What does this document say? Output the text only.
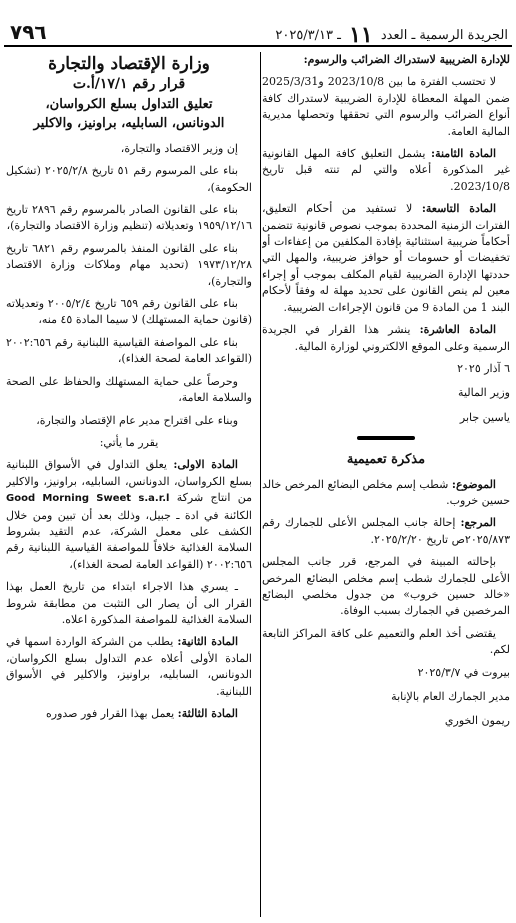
الجريدة الرسمية ـ العدد ١١ ـ ٢٠٢٥/٣/١٣
٧٩٦

للإدارة الضريبية لاستدراك الضرائب والرسوم:

لا تحتسب الفترة ما بين 2023/10/8 و2025/3/31 ضمن المهلة المعطاة للإدارة الضريبية لاستدراك كافة أنواع الضرائب والرسوم التي تحققها وتحصلها مديرية المالية العامة.

المادة الثامنة: يشمل التعليق كافة المهل القانونية غير المذكورة أعلاه والتي لم تنته قبل تاريخ 2023/10/8.

المادة التاسعة: لا تستفيد من أحكام التعليق، الفترات الزمنية المحددة بموجب نصوص قانونية تتضمن أحكاماً ضريبية استثنائية بإفادة المكلفين من إعفاءات أو تخفيضات أو حسومات أو حوافز ضريبية، والمهل التي حددتها الإدارة الضريبية لقيام المكلف بموجب أو إجراء معين لم ينص القانون على تحديد مهلة له وفقاً لأحكام البند 1 من المادة 9 من قانون الإجراءات الضريبية.

المادة العاشرة: ينشر هذا القرار في الجريدة الرسمية وعلى الموقع الالكتروني لوزارة المالية.

٦ آذار ٢٠٢٥

وزير المالية

ياسين جابر

مذكرة تعميمية

الموضوع: شطب إسم مخلص البضائع المرخص خالد حسين خروب.

المرجع: إحالة جانب المجلس الأعلى للجمارك رقم ٢٠٢٥/٨٧٣ص تاريخ ٢٠٢٥/٢/٢٠.

بإحالته المبينة في المرجع، قرر جانب المجلس الأعلى للجمارك شطب إسم مخلص البضائع المرخص «خالد حسين خروب» من جدول مخلصي البضائع المرخصين في الجمارك بسبب الوفاة.

يقتضى أخذ العلم والتعميم على كافة المراكز التابعة لكم.

بيروت في ٢٠٢٥/٣/٧

مدير الجمارك العام بالإنابة

ريمون الخوري

وزارة الإقتصاد والتجارة
قرار رقم ١٧/١/أ.ت
تعليق التداول بسلع الكرواسان،
الدونانس، السابليه، براونيز، والاكلير

إن وزير الاقتصاد والتجارة،

بناء على المرسوم رقم ٥١ تاريخ ٢٠٢٥/٢/٨ (تشكيل الحكومة)،

بناء على القانون الصادر بالمرسوم رقم ٢٨٩٦ تاريخ ١٩٥٩/١٢/١٦ وتعديلاته (تنظيم وزارة الاقتصاد والتجارة)،

بناء على القانون المنفذ بالمرسوم رقم ٦٨٢١ تاريخ ١٩٧٣/١٢/٢٨ (تحديد مهام وملاكات وزارة الاقتصاد والتجارة)،

بناء على القانون رقم ٦٥٩ تاريخ ٢٠٠٥/٢/٤ وتعديلاته (قانون حماية المستهلك) لا سيما المادة ٤٥ منه،

بناء على المواصفة القياسية اللبنانية رقم ٢٠٠٢:٦٥٦ (القواعد العامة لصحة الغذاء)،

وحرصاً على حماية المستهلك والحفاظ على الصحة والسلامة العامة،

وبناء على اقتراح مدير عام الإقتصاد والتجارة،

يقرر ما يأتي:

المادة الاولى: يعلق التداول في الأسواق اللبنانية بسلع الكرواسان، الدونانس، السابليه، براونيز، والاكلير من انتاج شركة Good Morning Sweet s.a.r.l الكائنة في ادة ـ جبيل، وذلك بعد أن تبين ومن خلال الكشف على معمل الشركة، عدم التقيد بشروط السلامة الغذائية خلافاً للمواصفة القياسية اللبنانية رقم ٢٠٠٢:٦٥٦ (القواعد العامة لصحة الغذاء)،

ـ يسري هذا الاجراء ابتداء من تاريخ العمل بهذا القرار الى أن يصار الى التثبت من مطابقة شروط السلامة الغذائية للمواصفة المذكورة اعلاه.

المادة الثانية: يطلب من الشركة الواردة اسمها في المادة الأولى أعلاه عدم التداول بسلع الكرواسان، الدونانس، السابليه، براونيز، والاكلير في الأسواق اللبنانية.

المادة الثالثة: يعمل بهذا القرار فور صدوره
